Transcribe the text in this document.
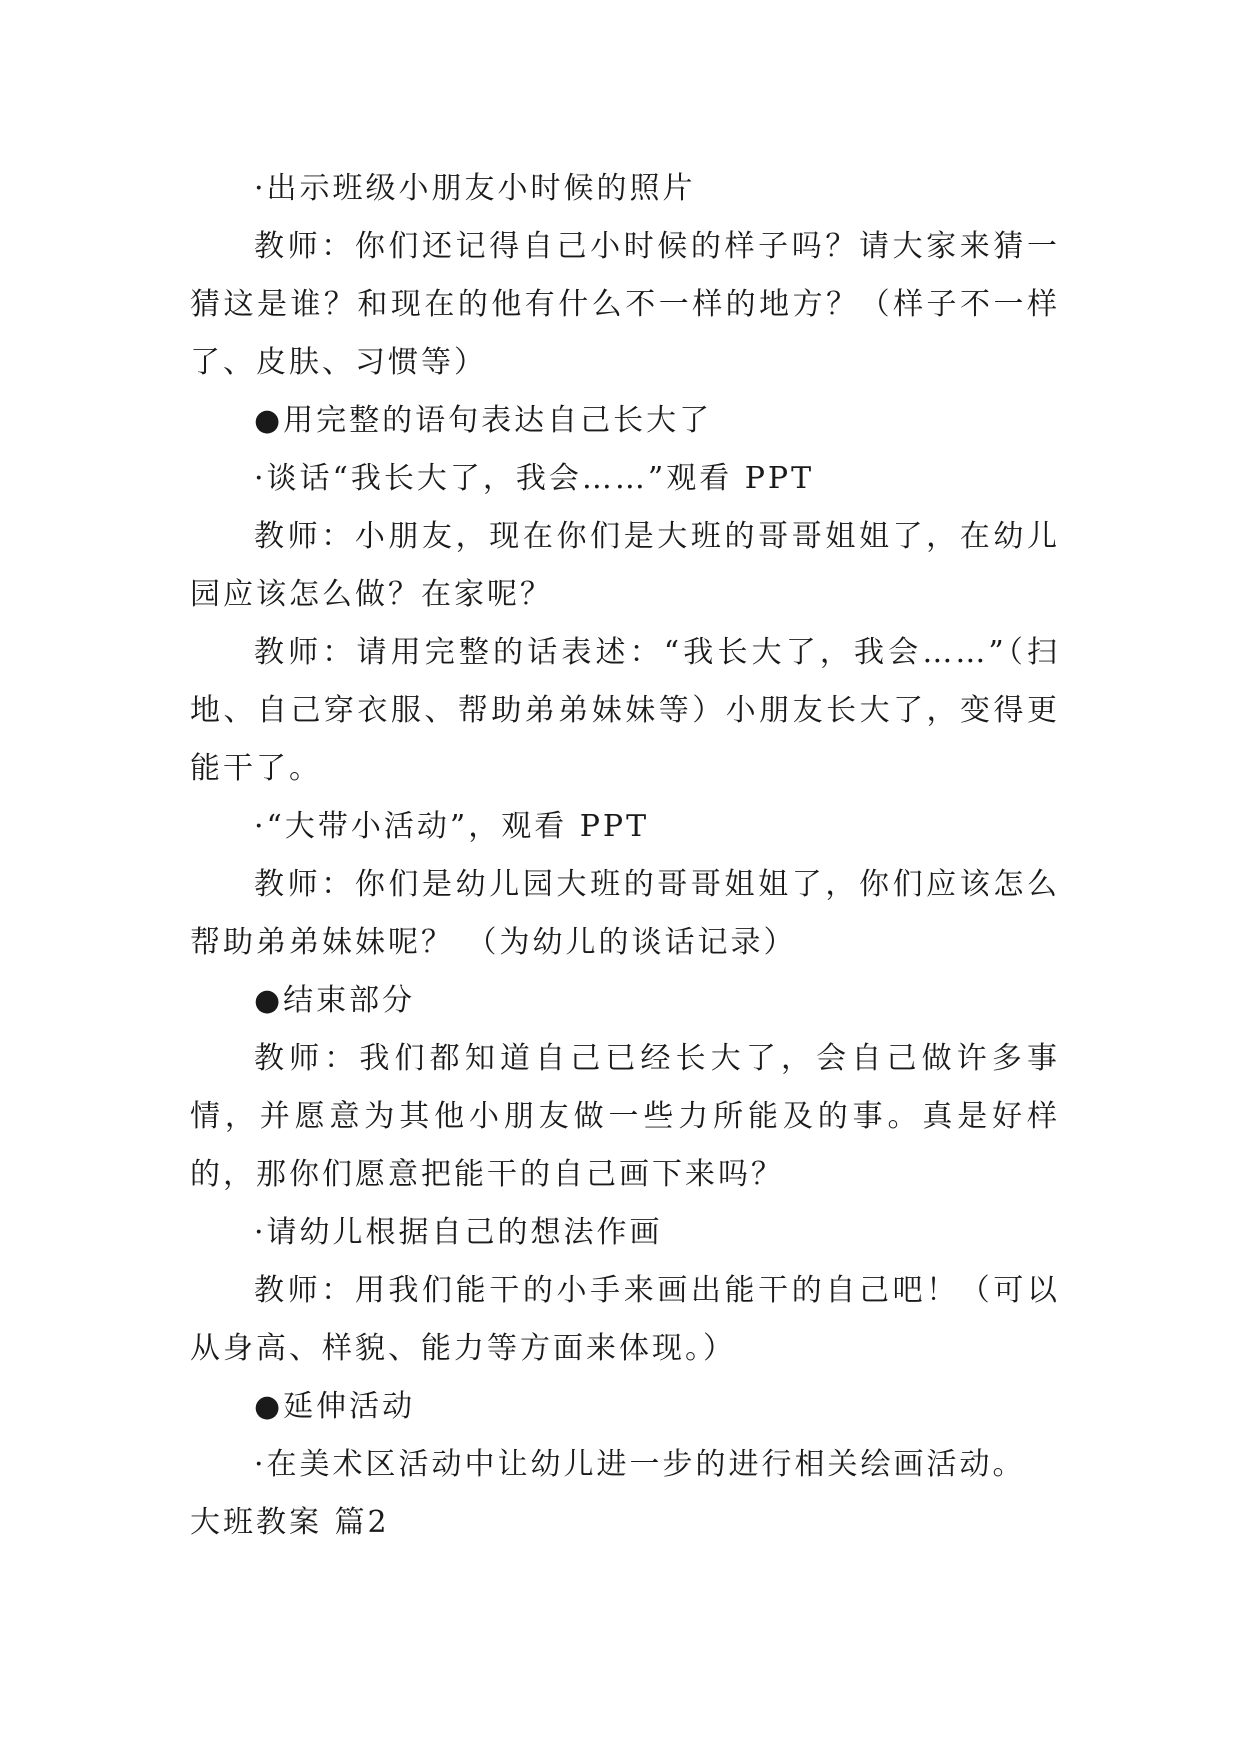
·出示班级小朋友小时候的照片

教师：你们还记得自己小时候的样子吗？请大家来猜一猜这是谁？和现在的他有什么不一样的地方？（样子不一样了、皮肤、习惯等）

●用完整的语句表达自己长大了

·谈话“我长大了，我会……”观看 PPT

教师：小朋友，现在你们是大班的哥哥姐姐了，在幼儿园应该怎么做？在家呢？

教师：请用完整的话表述：“我长大了，我会……”（扫地、自己穿衣服、帮助弟弟妹妹等）小朋友长大了，变得更能干了。

·“大带小活动”，观看 PPT

教师：你们是幼儿园大班的哥哥姐姐了，你们应该怎么帮助弟弟妹妹呢？ （为幼儿的谈话记录）

●结束部分

教师：我们都知道自己已经长大了，会自己做许多事情，并愿意为其他小朋友做一些力所能及的事。真是好样的，那你们愿意把能干的自己画下来吗？

·请幼儿根据自己的想法作画

教师：用我们能干的小手来画出能干的自己吧！（可以从身高、样貌、能力等方面来体现。）

●延伸活动

·在美术区活动中让幼儿进一步的进行相关绘画活动。

大班教案 篇2
